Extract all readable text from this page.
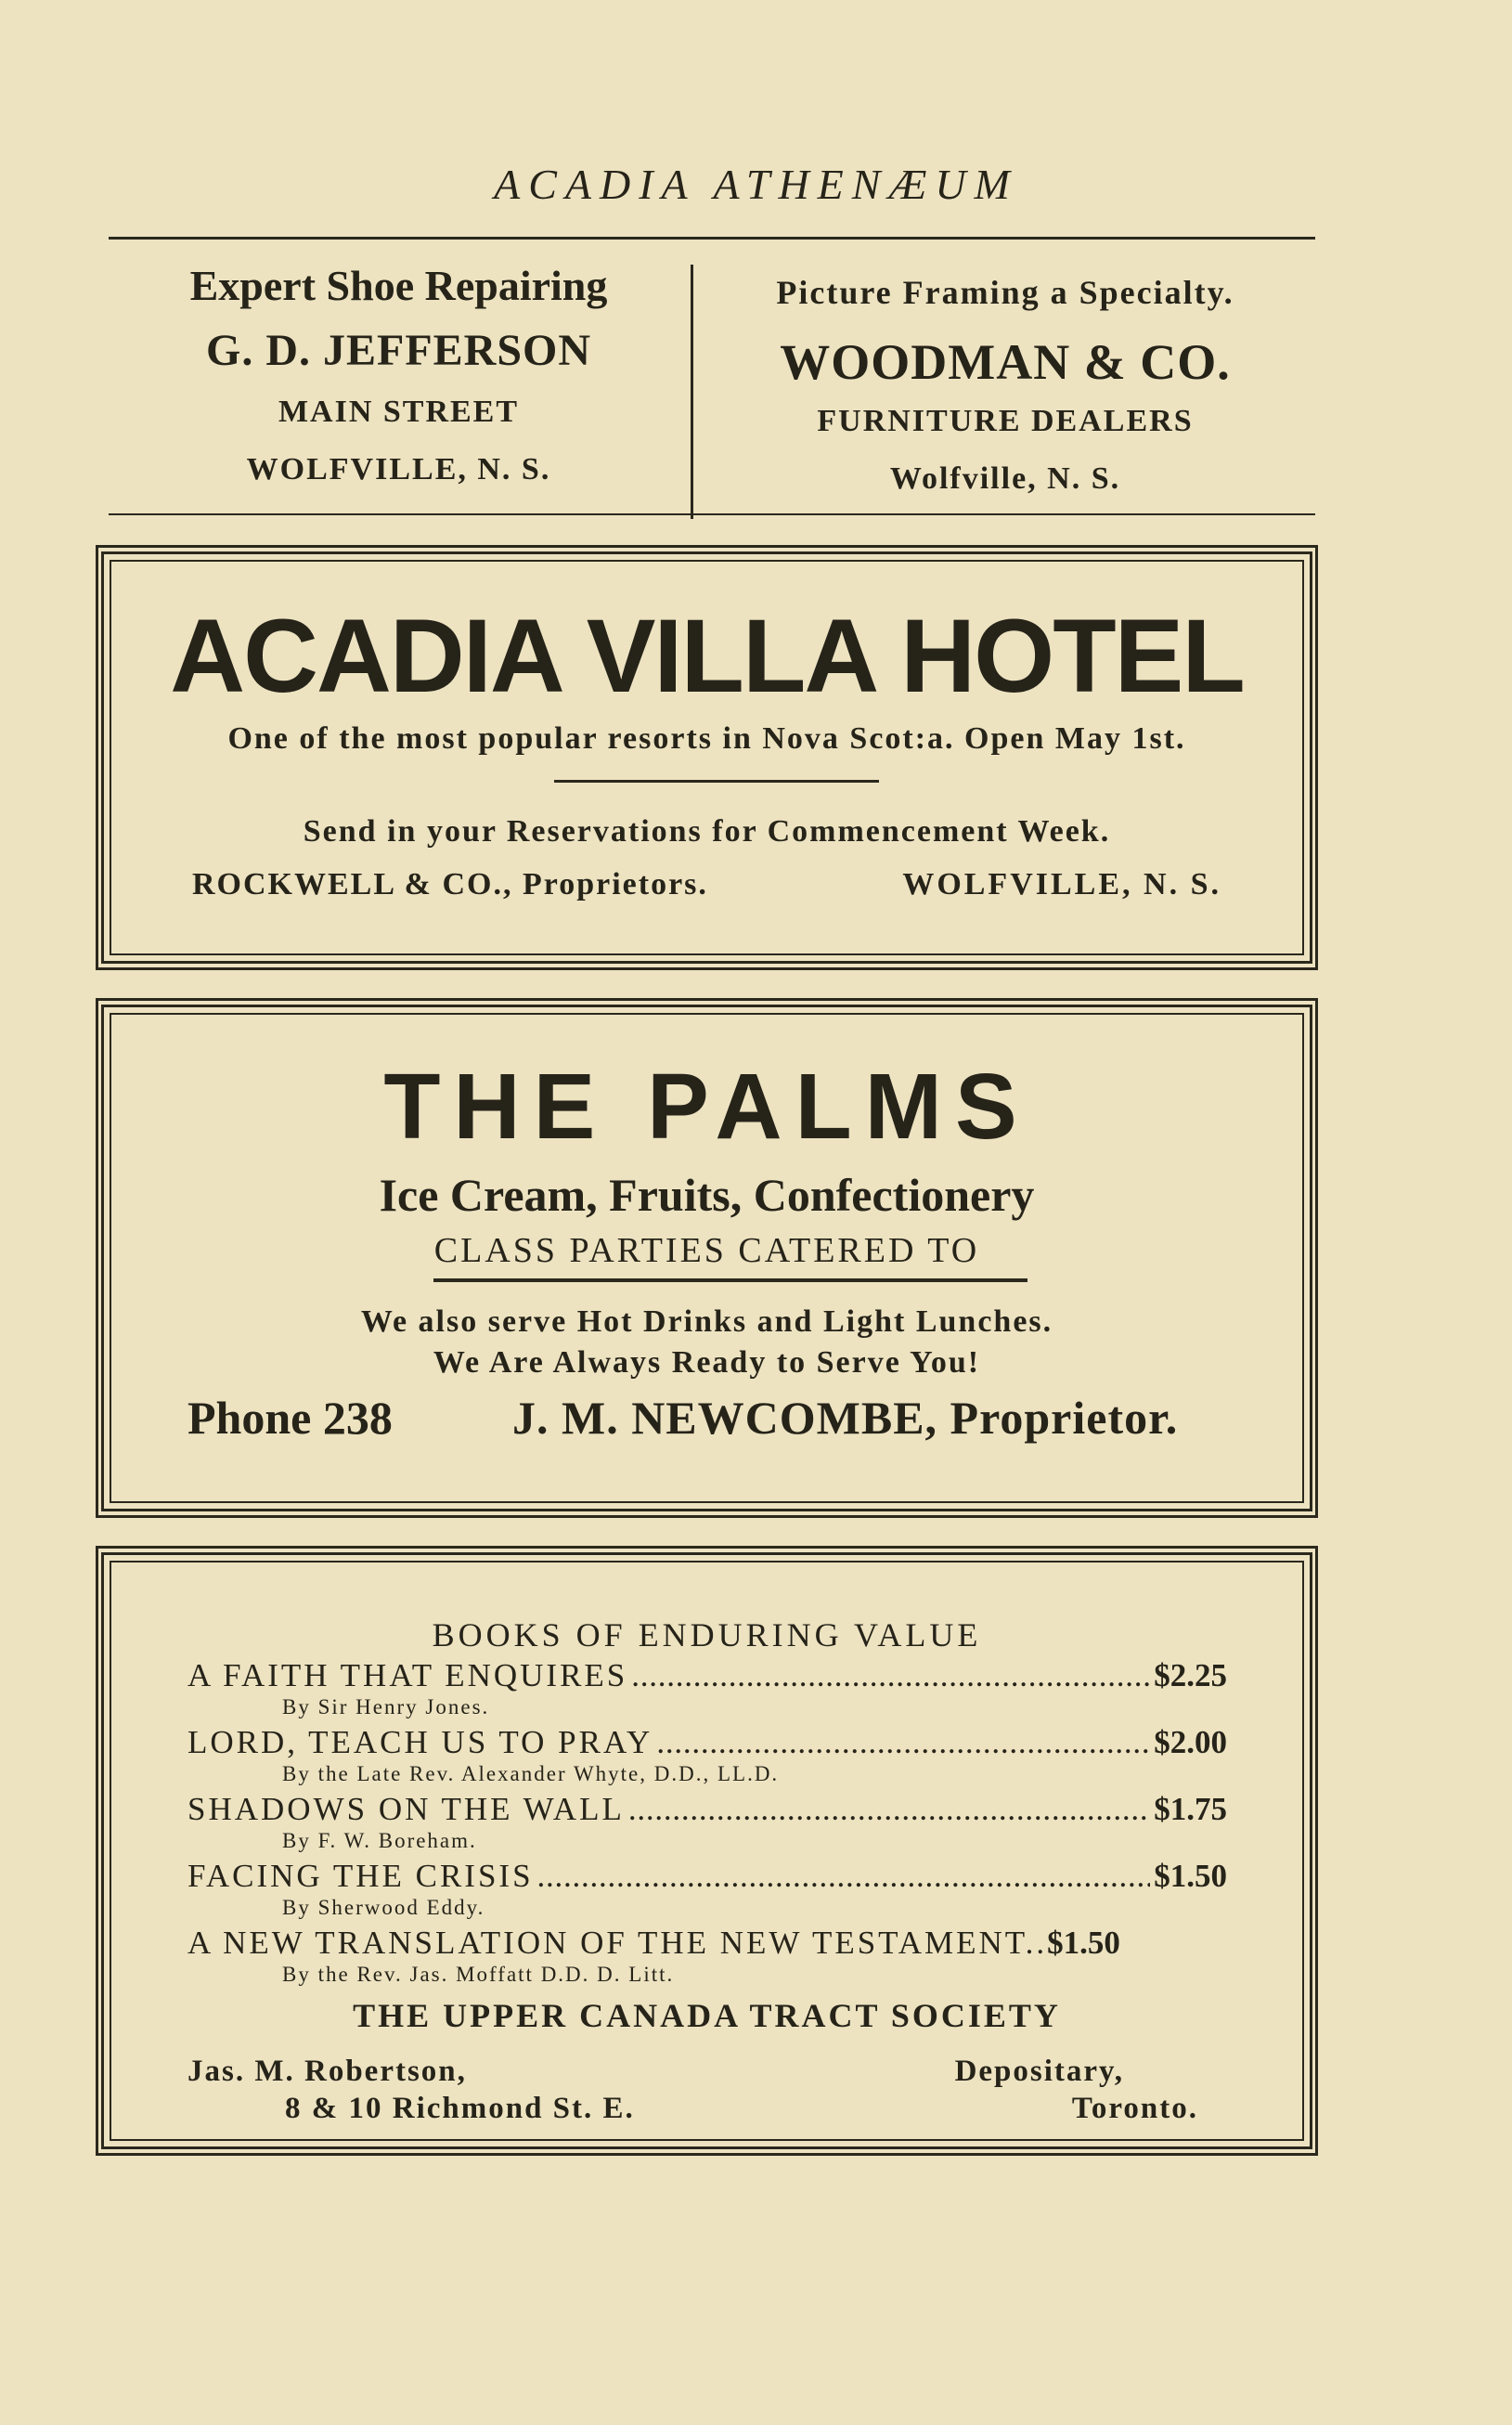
ACADIA ATHENÆUM
Expert Shoe Repairing
G. D. JEFFERSON
MAIN STREET
WOLFVILLE, N. S.
Picture Framing a Specialty.
WOODMAN & CO.
FURNITURE DEALERS
Wolfville, N. S.
ACADIA VILLA HOTEL
One of the most popular resorts in Nova Scot:a. Open May 1st.
Send in your Reservations for Commencement Week.
ROCKWELL & CO., Proprietors.	WOLFVILLE, N. S.
THE PALMS
Ice Cream, Fruits, Confectionery
CLASS PARTIES CATERED TO
We also serve Hot Drinks and Light Lunches.
We Are Always Ready to Serve You!
Phone 238	J. M. NEWCOMBE, Proprietor.
BOOKS OF ENDURING VALUE
A FAITH THAT ENQUIRES . . .	$2.25
By Sir Henry Jones.
LORD, TEACH US TO PRAY . . .	$2.00
By the Late Rev. Alexander Whyte, D.D., LL.D.
SHADOWS ON THE WALL . . .	$1.75
By F. W. Boreham.
FACING THE CRISIS . . .	$1.50
By Sherwood Eddy.
A NEW TRANSLATION OF THE NEW TESTAMENT.. $1.50
By the Rev. Jas. Moffatt D.D. D. Litt.
THE UPPER CANADA TRACT SOCIETY
Jas. M. Robertson,	Depositary,
8 & 10 Richmond St. E.	Toronto.
